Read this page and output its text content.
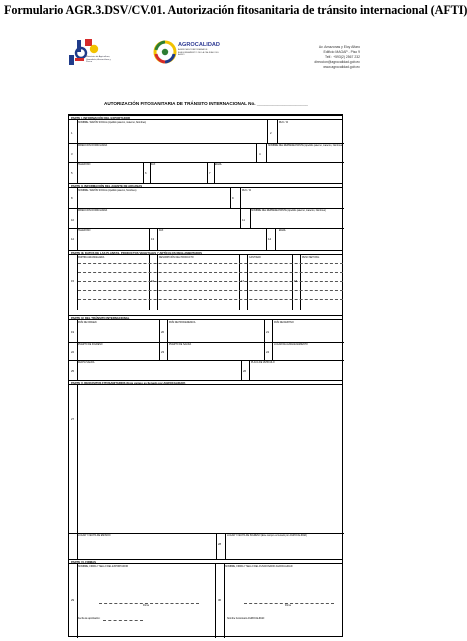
Formulario AGR.3.DSV/CV.01. Autorización fitosanitaria de tránsito internacional (AFTI)
Ministerio de Agricultura, Ganadería, Acuacultura y Pesca
AGROCALIDAD
AGENCIA ECUATORIANA DE ASEGURAMIENTO DE LA CALIDAD DEL AGRO
Av. Amazonas y Eloy Alfaro
Edificio MAGAP - Piso 9
Telf.: +593(2) 2567 232
direccion@agrocalidad.gob.ec
www.agrocalidad.gob.ec
AUTORIZACIÓN FITOSANITARIA DE TRÁNSITO INTERNACIONAL No. ____________________
PARTE I. INFORMACIÓN DEL EXPORTADOR
NOMBRE / RAZÓN SOCIAL (Apellido paterno, materno, Nombres)	RUC / CI
1	2
DIRECCIÓN DOMICILIARIA	NOMBRE DEL REPRESENTANTE (Apellido paterno, materno, Nombres)
3	4
TELÉFONO	FAX	EMAIL
5	6	7
PARTE II. INFORMACIÓN DEL AGENTE DE ADUANAS
NOMBRE / RAZÓN SOCIAL (Apellido paterno, Nombres)	RUC / CI
8	9
DIRECCIÓN DOMICILIARIA	NOMBRE DEL REPRESENTANTE (Apellido paterno, materno, Nombres)
10	11
TELÉFONO	FAX	EMAIL
12	13	14
PARTE III. DATOS DE LAS PLANTAS, PRODUCTOS VEGETALES Y ARTÍCULOS REGLAMENTADOS
PARTIDA ARANCELARIA	DESCRIPCIÓN DEL PRODUCTO	CANTIDAD	PESO NETO/KG
15	16	17	18
PARTE IV. DEL TRÁNSITO INTERNACIONAL
PAÍS DE ORIGEN	PAÍS DE PROCEDENCIA	PAÍS DE DESTINO
19	20	21
PUERTO DE INGRESO	PUERTO DE SALIDA	LUGAR DE ALMACENAMIENTO
22	23	24
FECHA SALIDA	PLACA DE VEHÍCULO
25	26
PARTE V. REQUISITOS FITOSANITARIOS (Este campo es llenado por AGROCALIDAD)
27
LUGAR Y FECHA DE EMISIÓN	LUGAR Y FECHA DE INGRESO (Este campo es llenado por AGROCALIDAD)
28
PARTE VI. FIRMAS
NOMBRE, FIRMA Y SELLO DEL EXPORTADOR	NOMBRE, FIRMA Y SELLO DEL FUNCIONARIO AGROCALIDAD
29	30
Firma	Firma
Fecha de aprobación:	Nombre funcionario AGROCALIDAD
